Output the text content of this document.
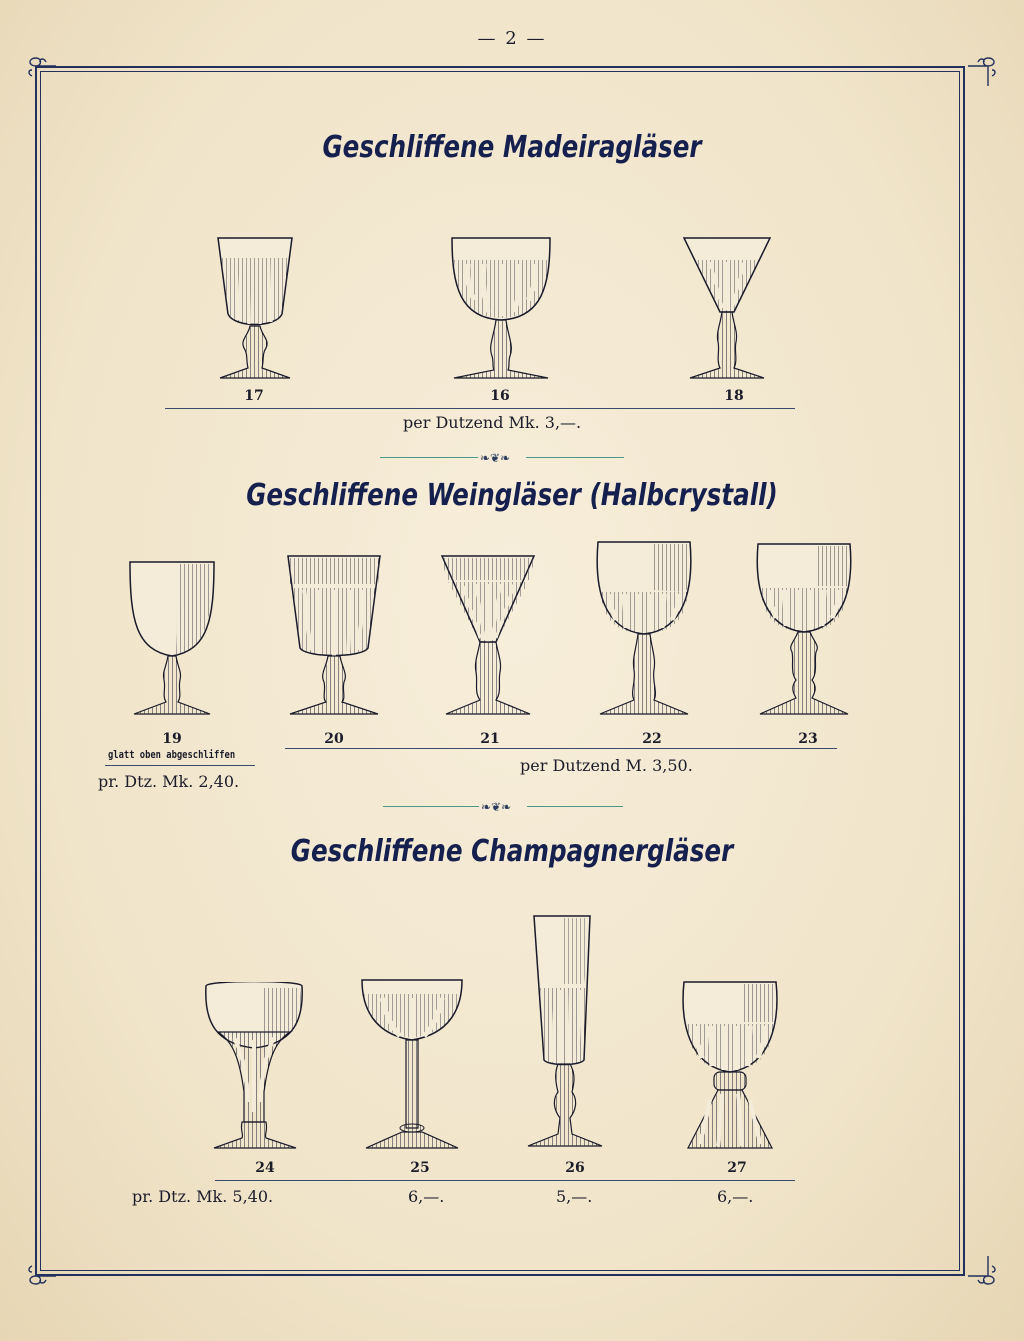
— 2 —
Geschliffene Madeiragläser
17	16	18
per Dutzend Mk. 3,—.
❧❦❧
Geschliffene Weingläser (Halbcrystall)
19	20	21	22	23
glatt oben abgeschliffen
pr. Dtz. Mk. 2,40.
per Dutzend M. 3,50.
❧❦❧
Geschliffene Champagnergläser
24	25	26	27
pr. Dtz. Mk. 5,40.	6,—.	5,—.	6,—.
